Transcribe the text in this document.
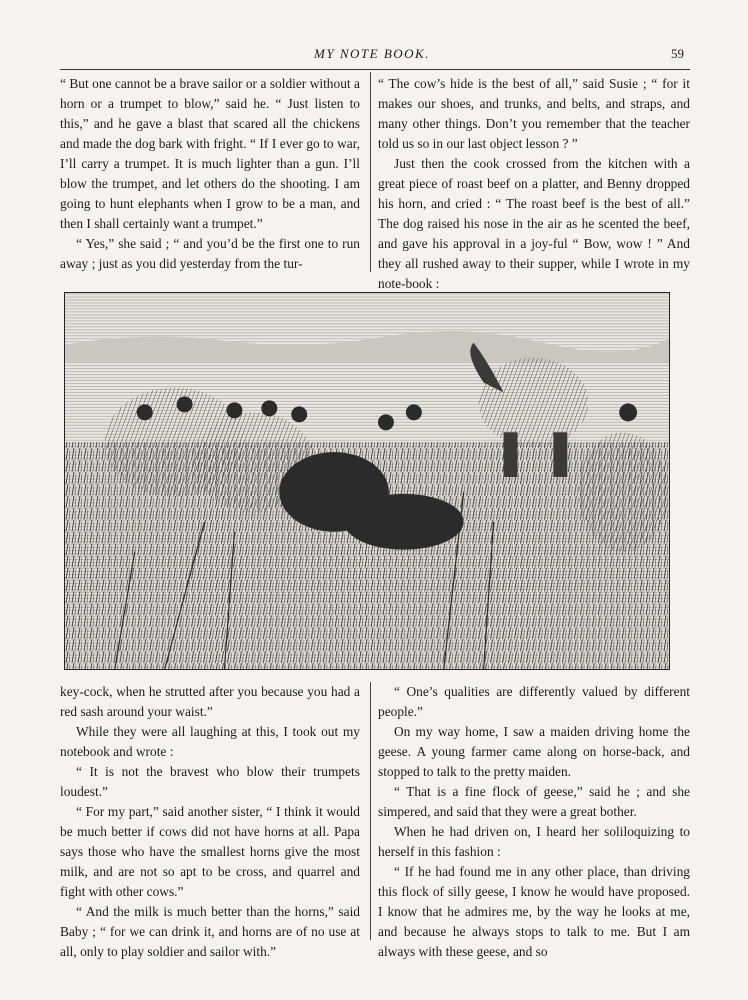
MY NOTE BOOK.	59

“ But one cannot be a brave sailor or a soldier without a horn or a trumpet to blow,” said he. “ Just listen to this,” and he gave a blast that scared all the chickens and made the dog bark with fright. “ If I ever go to war, I’ll carry a trumpet. It is much lighter than a gun. I’ll blow the trumpet, and let others do the shooting. I am going to hunt elephants when I grow to be a man, and then I shall certainly want a trumpet.”

“ Yes,” she said ; “ and you’d be the first one to run away ; just as you did yesterday from the tur-

“ The cow’s hide is the best of all,” said Susie ; “ for it makes our shoes, and trunks, and belts, and straps, and many other things. Don’t you remember that the teacher told us so in our last object lesson ? ”

Just then the cook crossed from the kitchen with a great piece of roast beef on a platter, and Benny dropped his horn, and cried : “ The roast beef is the best of all.” The dog raised his nose in the air as he scented the beef, and gave his approval in a joy-ful “ Bow, wow ! ” And they all rushed away to their supper, while I wrote in my note-book :

key-cock, when he strutted after you because you had a red sash around your waist.”

While they were all laughing at this, I took out my notebook and wrote :

“ It is not the bravest who blow their trumpets loudest.”

“ For my part,” said another sister, “ I think it would be much better if cows did not have horns at all. Papa says those who have the smallest horns give the most milk, and are not so apt to be cross, and quarrel and fight with other cows.”

“ And the milk is much better than the horns,” said Baby ; “ for we can drink it, and horns are of no use at all, only to play soldier and sailor with.”

“ One’s qualities are differently valued by different people.”

On my way home, I saw a maiden driving home the geese. A young farmer came along on horse-back, and stopped to talk to the pretty maiden.

“ That is a fine flock of geese,” said he ; and she simpered, and said that they were a great bother.

When he had driven on, I heard her soliloquizing to herself in this fashion :

“ If he had found me in any other place, than driving this flock of silly geese, I know he would have proposed. I know that he admires me, by the way he looks at me, and because he always stops to talk to me. But I am always with these geese, and so
